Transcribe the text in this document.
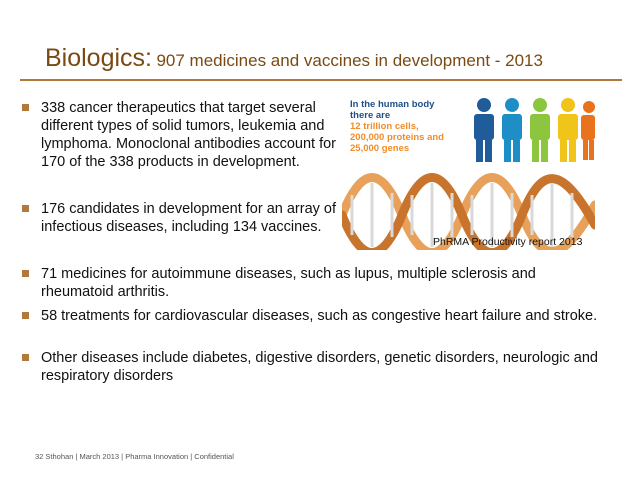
Biologics: 907 medicines and vaccines in development - 2013
338 cancer therapeutics that target several different types of solid tumors, leukemia and lymphoma. Monoclonal antibodies account for 170 of the 338 products in development.
176 candidates in development for an array of infectious diseases, including 134 vaccines.
In the human body
there are
12 trillion cells,
200,000 proteins and
25,000 genes
PhRMA Productivity report 2013
71 medicines for autoimmune diseases, such as lupus, multiple sclerosis and rheumatoid arthritis.
58 treatments for cardiovascular diseases, such as congestive heart failure and stroke.
Other diseases include diabetes, digestive disorders, genetic disorders, neurologic and respiratory disorders
32 Sthohan | March 2013 | Pharma Innovation | Confidential
